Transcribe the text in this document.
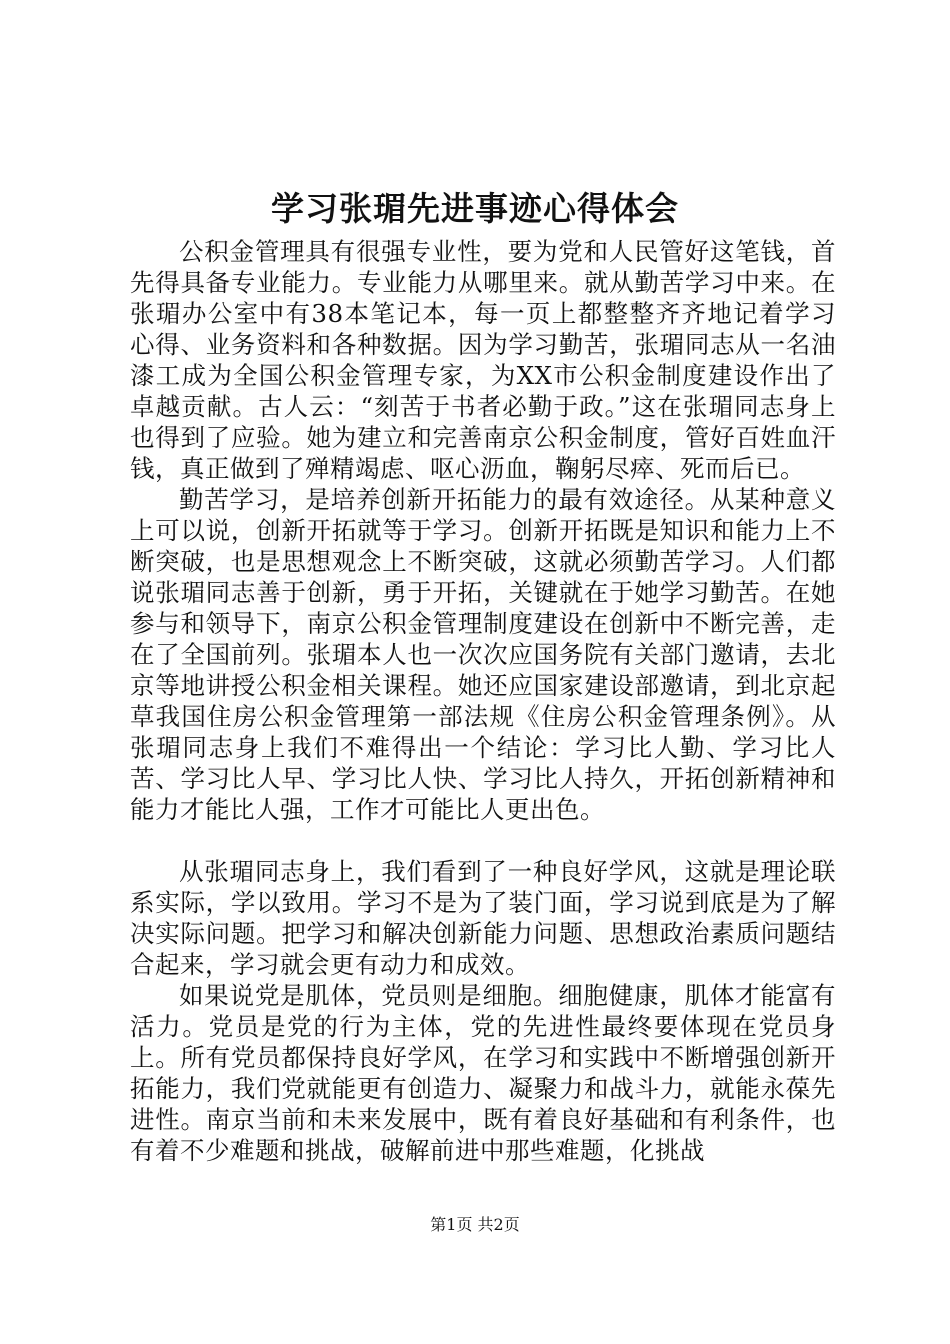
学习张瑂先进事迹心得体会

公积金管理具有很强专业性，要为党和人民管好这笔钱，首先得具备专业能力。专业能力从哪里来。就从勤苦学习中来。在张瑂办公室中有38本笔记本，每一页上都整整齐齐地记着学习心得、业务资料和各种数据。因为学习勤苦，张瑂同志从一名油漆工成为全国公积金管理专家，为XX市公积金制度建设作出了卓越贡献。古人云：“刻苦于书者必勤于政。”这在张瑂同志身上也得到了应验。她为建立和完善南京公积金制度，管好百姓血汗钱，真正做到了殚精竭虑、呕心沥血，鞠躬尽瘁、死而后已。

勤苦学习，是培养创新开拓能力的最有效途径。从某种意义上可以说，创新开拓就等于学习。创新开拓既是知识和能力上不断突破，也是思想观念上不断突破，这就必须勤苦学习。人们都说张瑂同志善于创新，勇于开拓，关键就在于她学习勤苦。在她参与和领导下，南京公积金管理制度建设在创新中不断完善，走在了全国前列。张瑂本人也一次次应国务院有关部门邀请，去北京等地讲授公积金相关课程。她还应国家建设部邀请，到北京起草我国住房公积金管理第一部法规《住房公积金管理条例》。从张瑂同志身上我们不难得出一个结论：学习比人勤、学习比人苦、学习比人早、学习比人快、学习比人持久，开拓创新精神和能力才能比人强，工作才可能比人更出色。

从张瑂同志身上，我们看到了一种良好学风，这就是理论联系实际，学以致用。学习不是为了装门面，学习说到底是为了解决实际问题。把学习和解决创新能力问题、思想政治素质问题结合起来，学习就会更有动力和成效。

如果说党是肌体，党员则是细胞。细胞健康，肌体才能富有活力。党员是党的行为主体，党的先进性最终要体现在党员身上。所有党员都保持良好学风，在学习和实践中不断增强创新开拓能力，我们党就能更有创造力、凝聚力和战斗力，就能永葆先进性。南京当前和未来发展中，既有着良好基础和有利条件，也有着不少难题和挑战，破解前进中那些难题，化挑战

第1页 共2页
